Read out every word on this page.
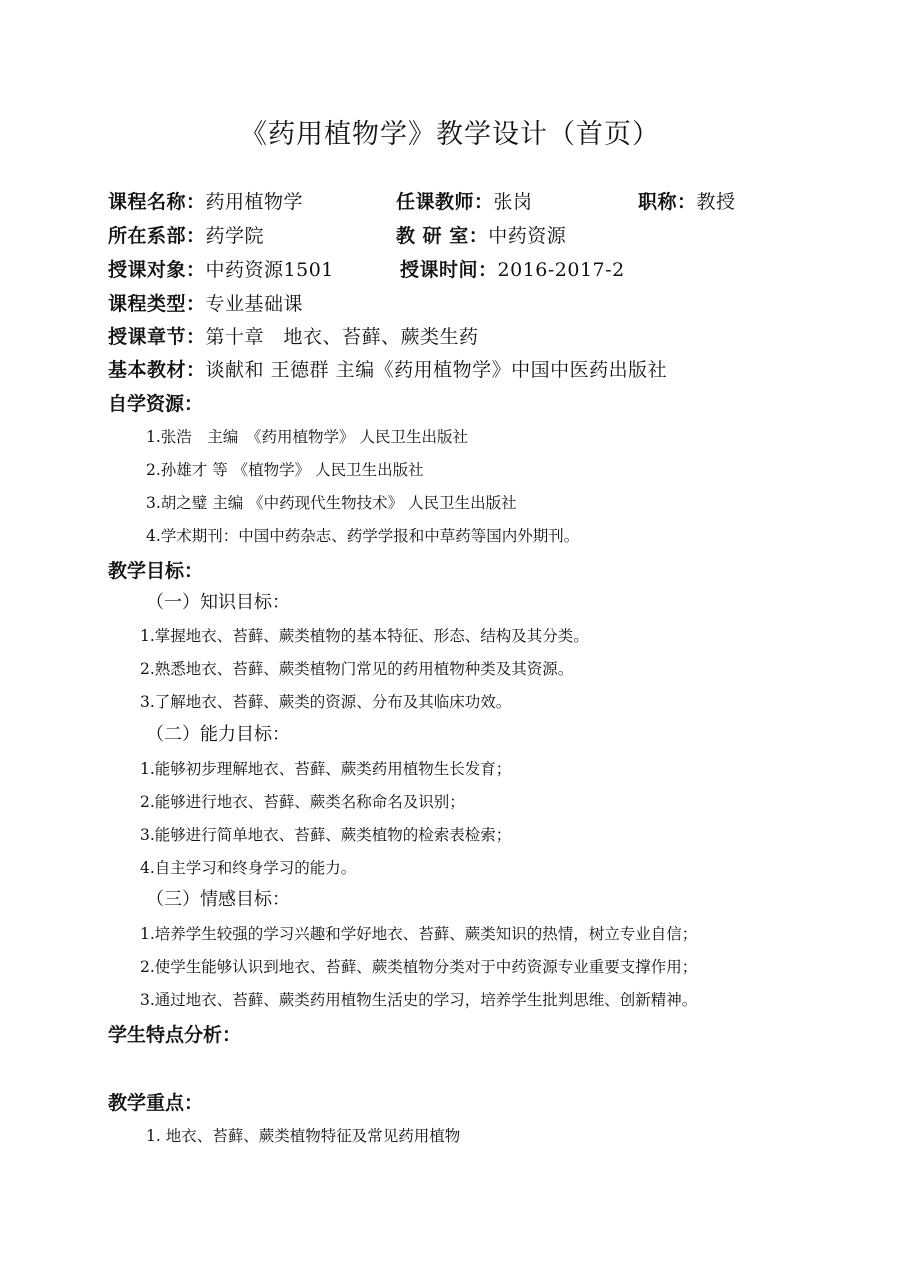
《药用植物学》教学设计（首页）
课程名称：药用植物学	任课教师：张岗	职称：教授
所在系部：药学院	教 研 室：中药资源
授课对象：中药资源1501	授课时间：2016-2017-2
课程类型：专业基础课
授课章节：第十章　地衣、苔藓、蕨类生药
基本教材：谈献和 王德群 主编《药用植物学》中国中医药出版社
自学资源：
1.张浩　主编　《药用植物学》 人民卫生出版社
2.孙雄才 等 《植物学》 人民卫生出版社
3.胡之璧 主编 《中药现代生物技术》 人民卫生出版社
4.学术期刊：中国中药杂志、药学学报和中草药等国内外期刊。
教学目标：
（一）知识目标：
1.掌握地衣、苔藓、蕨类植物的基本特征、形态、结构及其分类。
2.熟悉地衣、苔藓、蕨类植物门常见的药用植物种类及其资源。
3.了解地衣、苔藓、蕨类的资源、分布及其临床功效。
（二）能力目标：
1.能够初步理解地衣、苔藓、蕨类药用植物生长发育；
2.能够进行地衣、苔藓、蕨类名称命名及识别；
3.能够进行简单地衣、苔藓、蕨类植物的检索表检索；
4.自主学习和终身学习的能力。
（三）情感目标：
1.培养学生较强的学习兴趣和学好地衣、苔藓、蕨类知识的热情，树立专业自信；
2.使学生能够认识到地衣、苔藓、蕨类植物分类对于中药资源专业重要支撑作用；
3.通过地衣、苔藓、蕨类药用植物生活史的学习，培养学生批判思维、创新精神。
学生特点分析：
教学重点：
1. 地衣、苔藓、蕨类植物特征及常见药用植物
